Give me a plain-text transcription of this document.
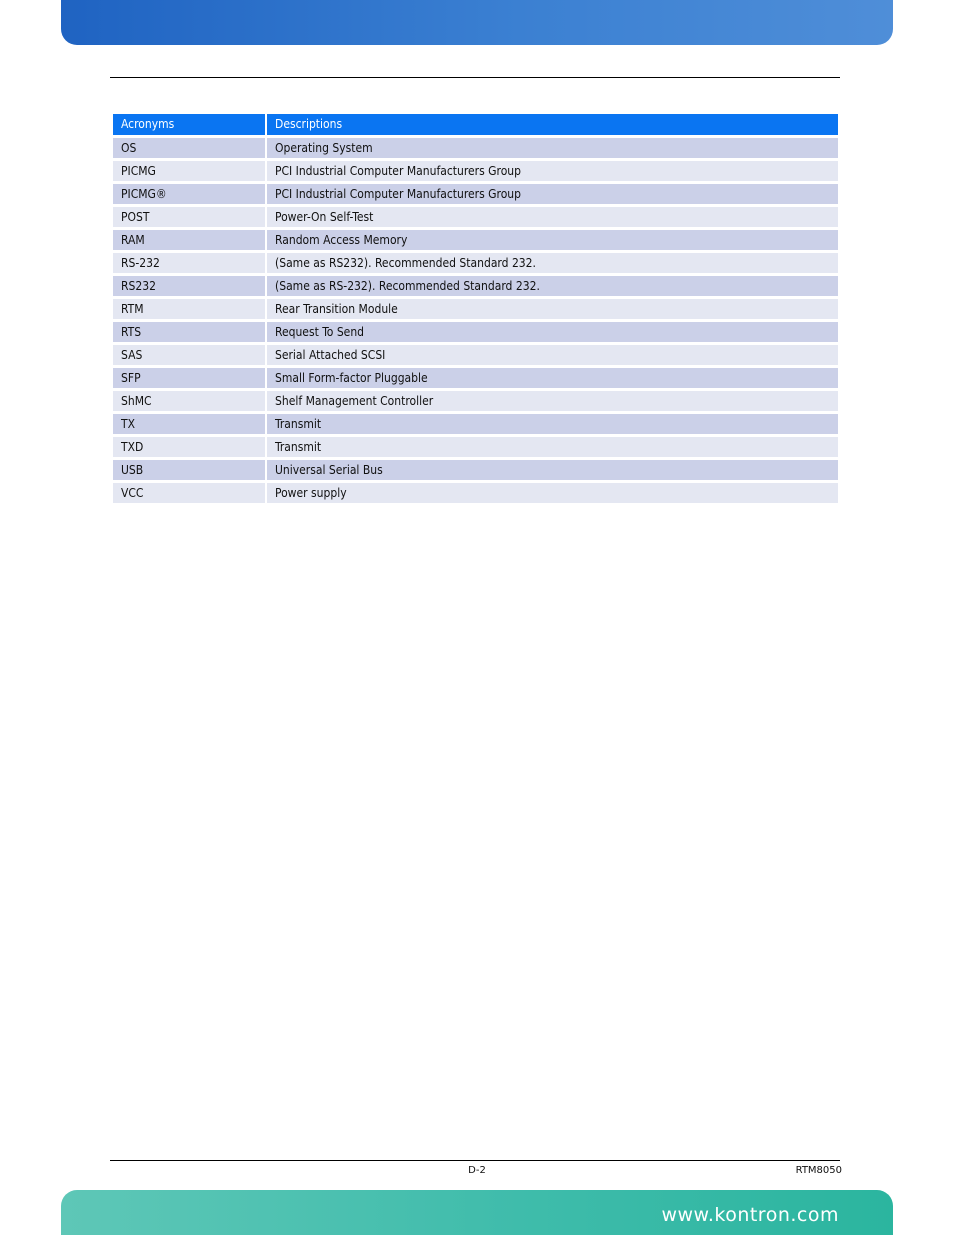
Acronyms	Descriptions
OS	Operating System
PICMG	PCI Industrial Computer Manufacturers Group
PICMG®	PCI Industrial Computer Manufacturers Group
POST	Power-On Self-Test
RAM	Random Access Memory
RS-232	(Same as RS232). Recommended Standard 232.
RS232	(Same as RS-232). Recommended Standard 232.
RTM	Rear Transition Module
RTS	Request To Send
SAS	Serial Attached SCSI
SFP	Small Form-factor Pluggable
ShMC	Shelf Management Controller
TX	Transmit
TXD	Transmit
USB	Universal Serial Bus
VCC	Power supply
D-2	RTM8050
www.kontron.com
